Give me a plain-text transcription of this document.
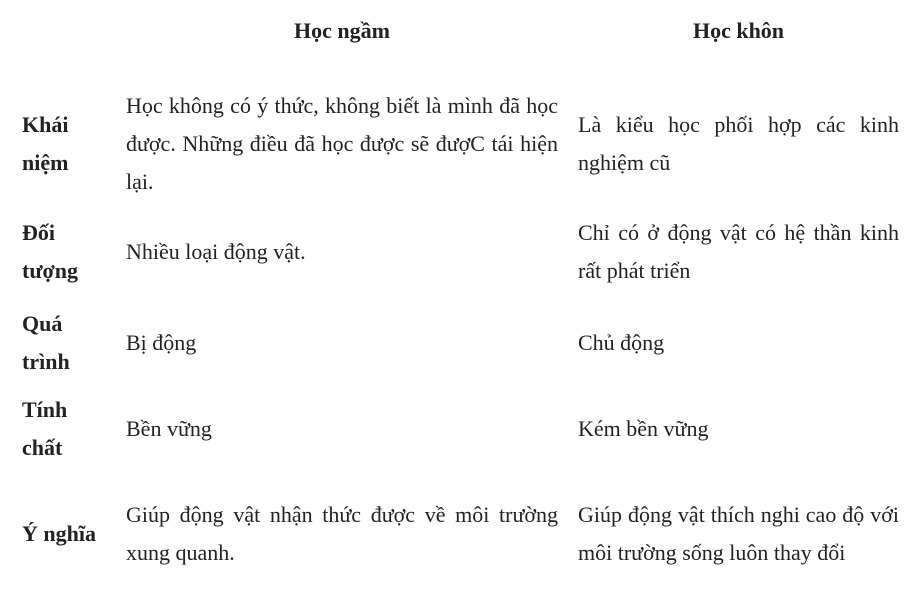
	Học ngầm	Học khôn

Khái niệm	Học không có ý thức, không biết là mình đã học được. Những điều đã học được sẽ đượC tái hiện lại.	Là kiểu học phối hợp các kinh nghiệm cũ
Đối tượng	Nhiều loại động vật.	Chỉ có ở động vật có hệ thần kinh rất phát triển
Quá trình	Bị động	Chủ động
Tính chất	Bền vững	Kém bền vững
Ý nghĩa	Giúp động vật nhận thức được về môi trường xung quanh.	Giúp động vật thích nghi cao độ với môi trường sống luôn thay đổi
